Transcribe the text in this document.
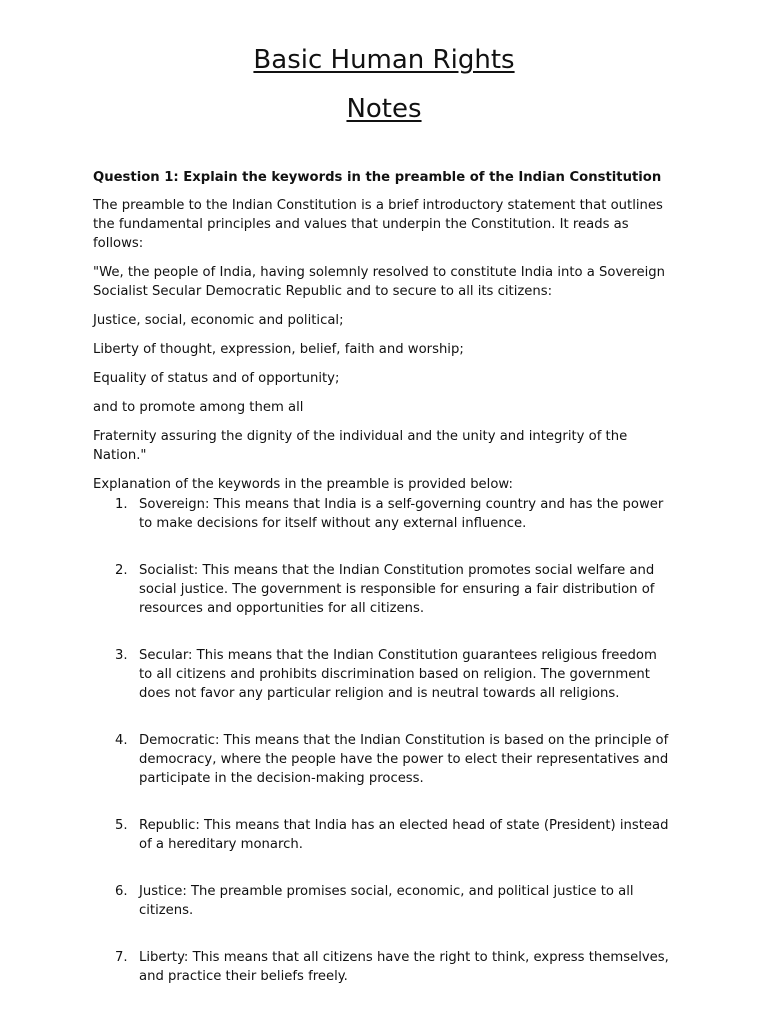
Basic Human Rights
Notes

Question 1: Explain the keywords in the preamble of the Indian Constitution

The preamble to the Indian Constitution is a brief introductory statement that outlines the fundamental principles and values that underpin the Constitution. It reads as follows:

"We, the people of India, having solemnly resolved to constitute India into a Sovereign Socialist Secular Democratic Republic and to secure to all its citizens:

Justice, social, economic and political;

Liberty of thought, expression, belief, faith and worship;

Equality of status and of opportunity;

and to promote among them all

Fraternity assuring the dignity of the individual and the unity and integrity of the Nation."

Explanation of the keywords in the preamble is provided below:

1. Sovereign: This means that India is a self-governing country and has the power to make decisions for itself without any external influence.
2. Socialist: This means that the Indian Constitution promotes social welfare and social justice. The government is responsible for ensuring a fair distribution of resources and opportunities for all citizens.
3. Secular: This means that the Indian Constitution guarantees religious freedom to all citizens and prohibits discrimination based on religion. The government does not favor any particular religion and is neutral towards all religions.
4. Democratic: This means that the Indian Constitution is based on the principle of democracy, where the people have the power to elect their representatives and participate in the decision-making process.
5. Republic: This means that India has an elected head of state (President) instead of a hereditary monarch.
6. Justice: The preamble promises social, economic, and political justice to all citizens.
7. Liberty: This means that all citizens have the right to think, express themselves, and practice their beliefs freely.
